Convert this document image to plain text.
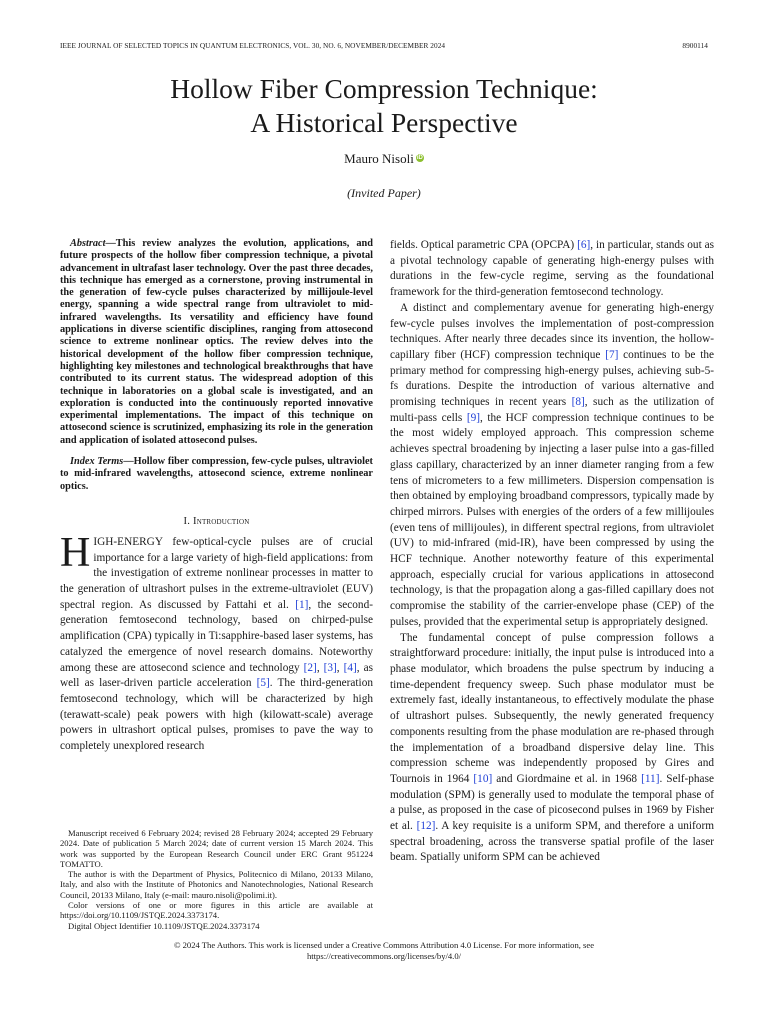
IEEE JOURNAL OF SELECTED TOPICS IN QUANTUM ELECTRONICS, VOL. 30, NO. 6, NOVEMBER/DECEMBER 2024	8900114
Hollow Fiber Compression Technique:
A Historical Perspective
Mauro Nisoli iD
(Invited Paper)

Abstract—This review analyzes the evolution, applications, and future prospects of the hollow fiber compression technique, a pivotal advancement in ultrafast laser technology. Over the past three decades, this technique has emerged as a cornerstone, proving instrumental in the generation of few-cycle pulses characterized by millijoule-level energy, spanning a wide spectral range from ultraviolet to mid-infrared wavelengths. Its versatility and efficiency have found applications in diverse scientific disciplines, ranging from attosecond science to extreme nonlinear optics. The review delves into the historical development of the hollow fiber compression technique, highlighting key milestones and technological breakthroughs that have contributed to its current status. The widespread adoption of this technique in laboratories on a global scale is investigated, and an exploration is conducted into the continuously reported innovative experimental implementations. The impact of this technique on attosecond science is scrutinized, emphasizing its role in the generation and application of isolated attosecond pulses.

Index Terms—Hollow fiber compression, few-cycle pulses, ultraviolet to mid-infrared wavelengths, attosecond science, extreme nonlinear optics.

I. Introduction

HIGH-ENERGY few-optical-cycle pulses are of crucial importance for a large variety of high-field applications: from the investigation of extreme nonlinear processes in matter to the generation of ultrashort pulses in the extreme-ultraviolet (EUV) spectral region. As discussed by Fattahi et al. [1], the second-generation femtosecond technology, based on chirped-pulse amplification (CPA) typically in Ti:sapphire-based laser systems, has catalyzed the emergence of novel research domains. Noteworthy among these are attosecond science and technology [2], [3], [4], as well as laser-driven particle acceleration [5]. The third-generation femtosecond technology, which will be characterized by high (terawatt-scale) peak powers with high (kilowatt-scale) average powers in ultrashort optical pulses, promises to pave the way to completely unexplored research

Manuscript received 6 February 2024; revised 28 February 2024; accepted 29 February 2024. Date of publication 5 March 2024; date of current version 15 March 2024. This work was supported by the European Research Council under ERC Grant 951224 TOMATTO.

The author is with the Department of Physics, Politecnico di Milano, 20133 Milano, Italy, and also with the Institute of Photonics and Nanotechnologies, National Research Council, 20133 Milano, Italy (e-mail: mauro.nisoli@polimi.it).

Color versions of one or more figures in this article are available at https://doi.org/10.1109/JSTQE.2024.3373174.

Digital Object Identifier 10.1109/JSTQE.2024.3373174

fields. Optical parametric CPA (OPCPA) [6], in particular, stands out as a pivotal technology capable of generating high-energy pulses with durations in the few-cycle regime, serving as the foundational framework for the third-generation femtosecond technology.

A distinct and complementary avenue for generating high-energy few-cycle pulses involves the implementation of post-compression techniques. After nearly three decades since its invention, the hollow-capillary fiber (HCF) compression technique [7] continues to be the primary method for compressing high-energy pulses, achieving sub-5-fs durations. Despite the introduction of various alternative and promising techniques in recent years [8], such as the utilization of multi-pass cells [9], the HCF compression technique continues to be the most widely employed approach. This compression scheme achieves spectral broadening by injecting a laser pulse into a gas-filled glass capillary, characterized by an inner diameter ranging from a few tens of micrometers to a few millimeters. Dispersion compensation is then obtained by employing broadband compressors, typically made by chirped mirrors. Pulses with energies of the orders of a few millijoules (even tens of millijoules), in different spectral regions, from ultraviolet (UV) to mid-infrared (mid-IR), have been compressed by using the HCF technique. Another noteworthy feature of this experimental approach, especially crucial for various applications in attosecond technology, is that the propagation along a gas-filled capillary does not compromise the stability of the carrier-envelope phase (CEP) of the pulses, provided that the experimental setup is appropriately designed.

The fundamental concept of pulse compression follows a straightforward procedure: initially, the input pulse is introduced into a phase modulator, which broadens the pulse spectrum by inducing a time-dependent frequency sweep. Such phase modulator must be extremely fast, ideally instantaneous, to effectively modulate the phase of ultrashort pulses. Subsequently, the newly generated frequency components resulting from the phase modulation are re-phased through the implementation of a broadband dispersive delay line. This compression scheme was independently proposed by Gires and Tournois in 1964 [10] and Giordmaine et al. in 1968 [11]. Self-phase modulation (SPM) is generally used to modulate the temporal phase of a pulse, as proposed in the case of picosecond pulses in 1969 by Fisher et al. [12]. A key requisite is a uniform SPM, and therefore a uniform spectral broadening, across the transverse spatial profile of the laser beam. Spatially uniform SPM can be achieved

© 2024 The Authors. This work is licensed under a Creative Commons Attribution 4.0 License. For more information, see
https://creativecommons.org/licenses/by/4.0/
